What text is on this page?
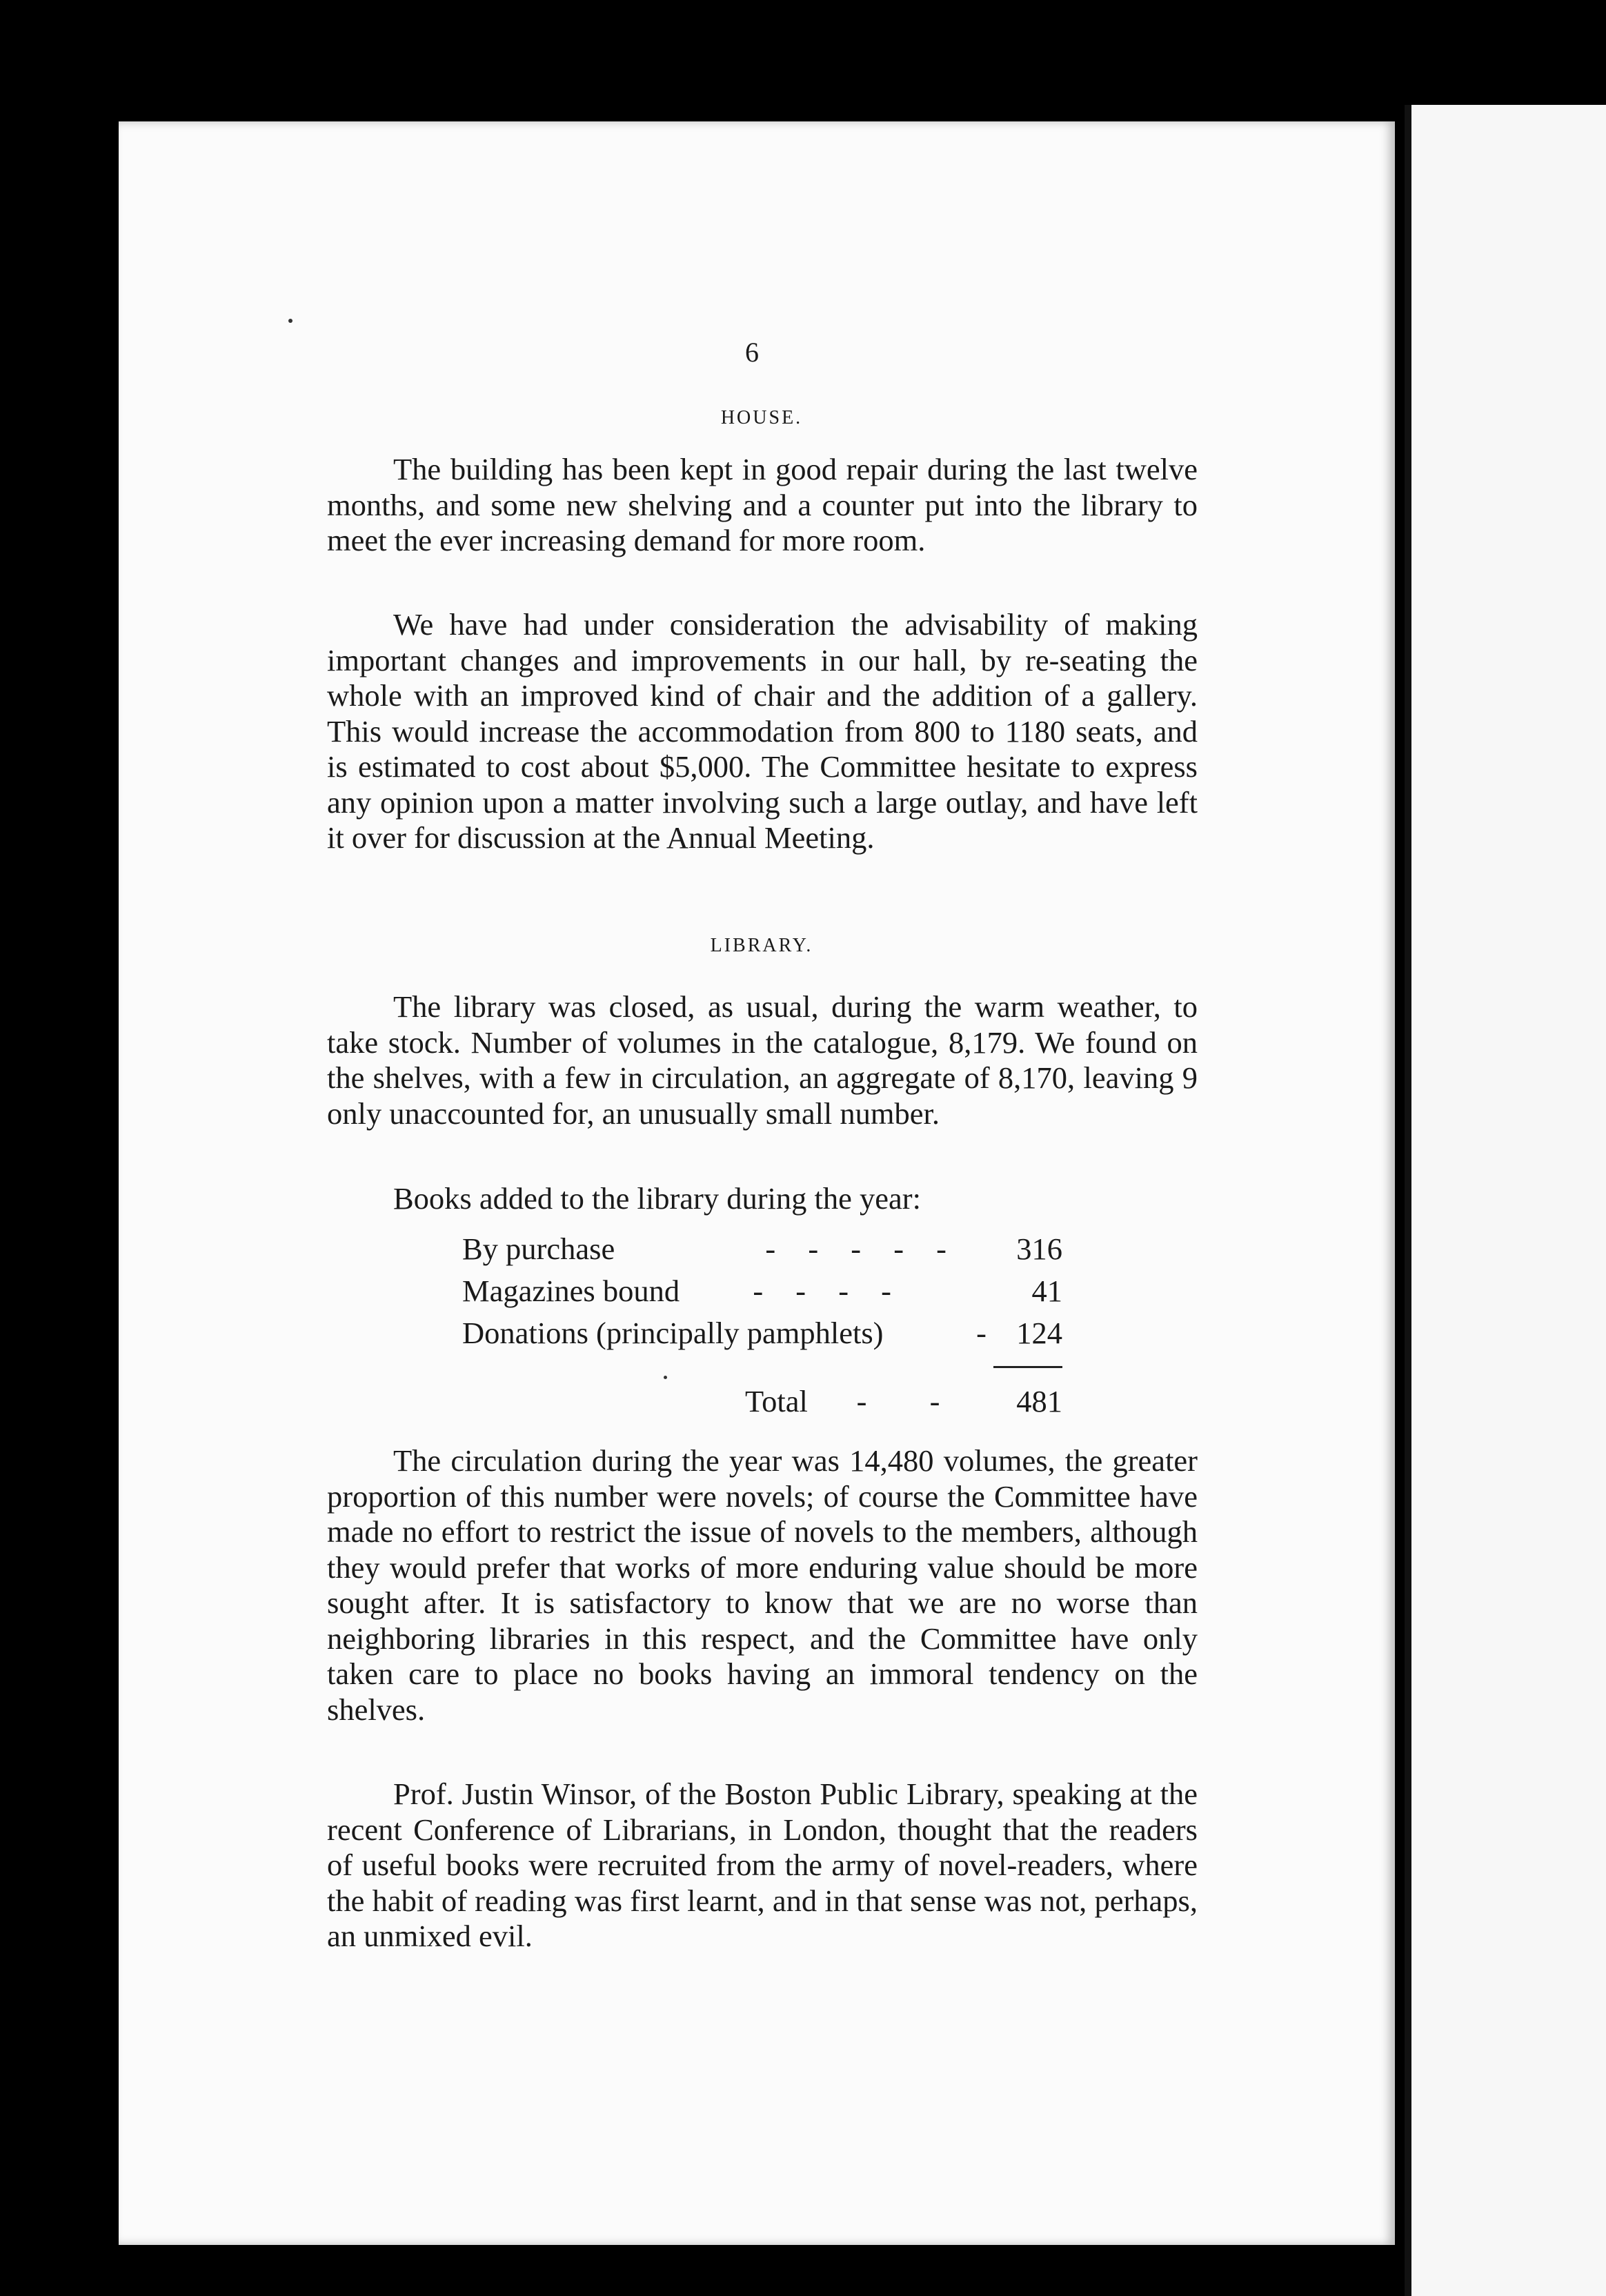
6
HOUSE.

The building has been kept in good repair during the last twelve months, and some new shelving and a counter put into the library to meet the ever increasing demand for more room.

We have had under consideration the advisability of making important changes and improvements in our hall, by re-seating the whole with an improved kind of chair and the addition of a gallery. This would increase the accommodation from 800 to 1180 seats, and is estimated to cost about $5,000. The Committee hesitate to express any opinion upon a matter involving such a large outlay, and have left it over for discussion at the Annual Meeting.

LIBRARY.

The library was closed, as usual, during the warm weather, to take stock. Number of volumes in the catalogue, 8,179. We found on the shelves, with a few in circulation, an aggregate of 8,170, leaving 9 only unaccounted for, an unusually small number.

Books added to the library during the year:

By purchase	- - - - -	316
Magazines bound - - - -	41
Donations (principally pamphlets)	- 124
Total - - 481

The circulation during the year was 14,480 volumes, the greater proportion of this number were novels; of course the Committee have made no effort to restrict the issue of novels to the members, although they would prefer that works of more enduring value should be more sought after. It is satisfactory to know that we are no worse than neighboring libraries in this respect, and the Committee have only taken care to place no books having an immoral tendency on the shelves.

Prof. Justin Winsor, of the Boston Public Library, speaking at the recent Conference of Librarians, in London, thought that the readers of useful books were recruited from the army of novel-readers, where the habit of reading was first learnt, and in that sense was not, perhaps, an unmixed evil.
